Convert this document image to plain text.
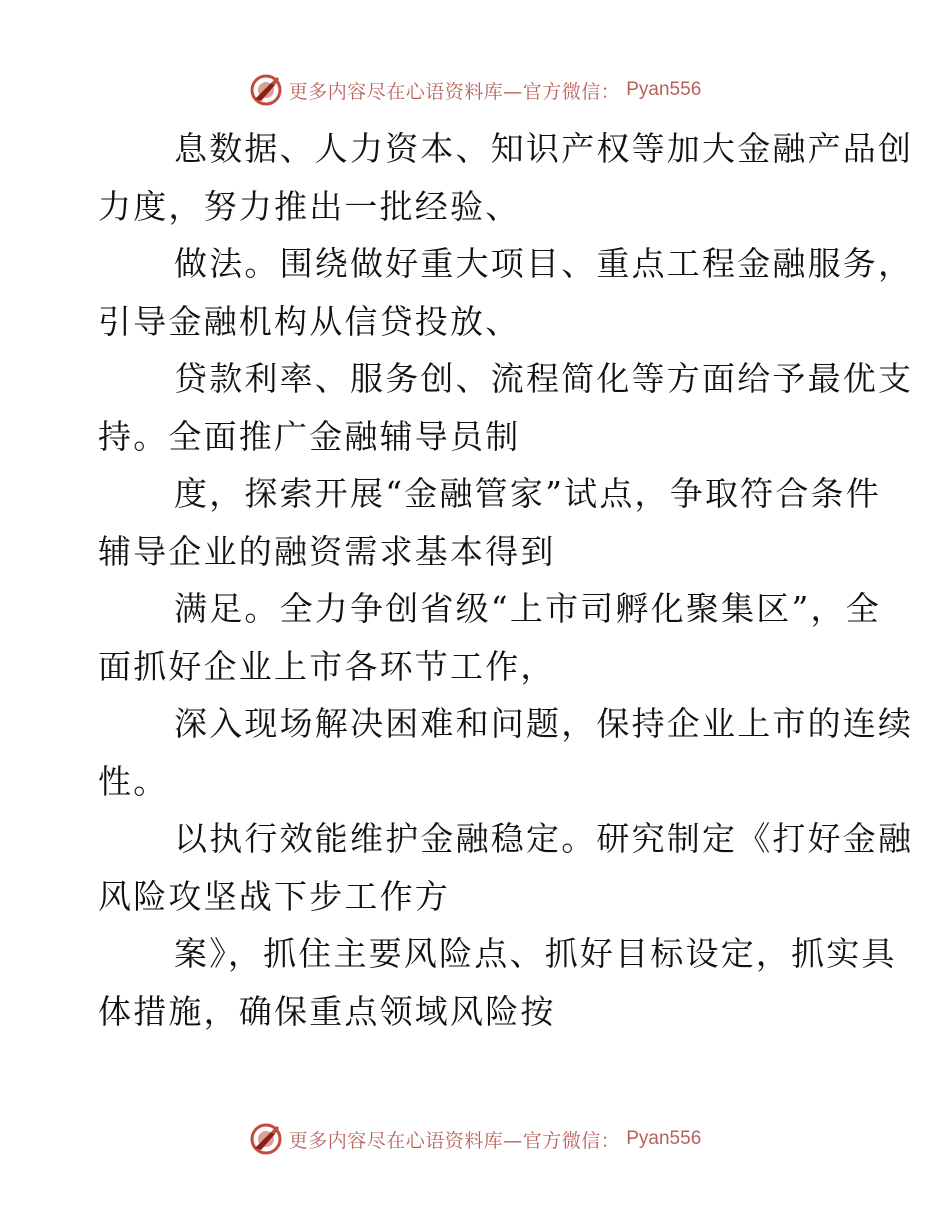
更多内容尽在心语资料库—官方微信： Pyan556
息数据、人力资本、知识产权等加大金融产品创
力度，努力推出一批经验、
做法。围绕做好重大项目、重点工程金融服务，
引导金融机构从信贷投放、
贷款利率、服务创、流程简化等方面给予最优支
持。全面推广金融辅导员制
度，探索开展“金融管家”试点，争取符合条件
辅导企业的融资需求基本得到
满足。全力争创省级“上市司孵化聚集区”，全
面抓好企业上市各环节工作，
深入现场解决困难和问题，保持企业上市的连续
性。
以执行效能维护金融稳定。研究制定《打好金融
风险攻坚战下步工作方
案》，抓住主要风险点、抓好目标设定，抓实具
体措施，确保重点领域风险按
更多内容尽在心语资料库—官方微信： Pyan556
